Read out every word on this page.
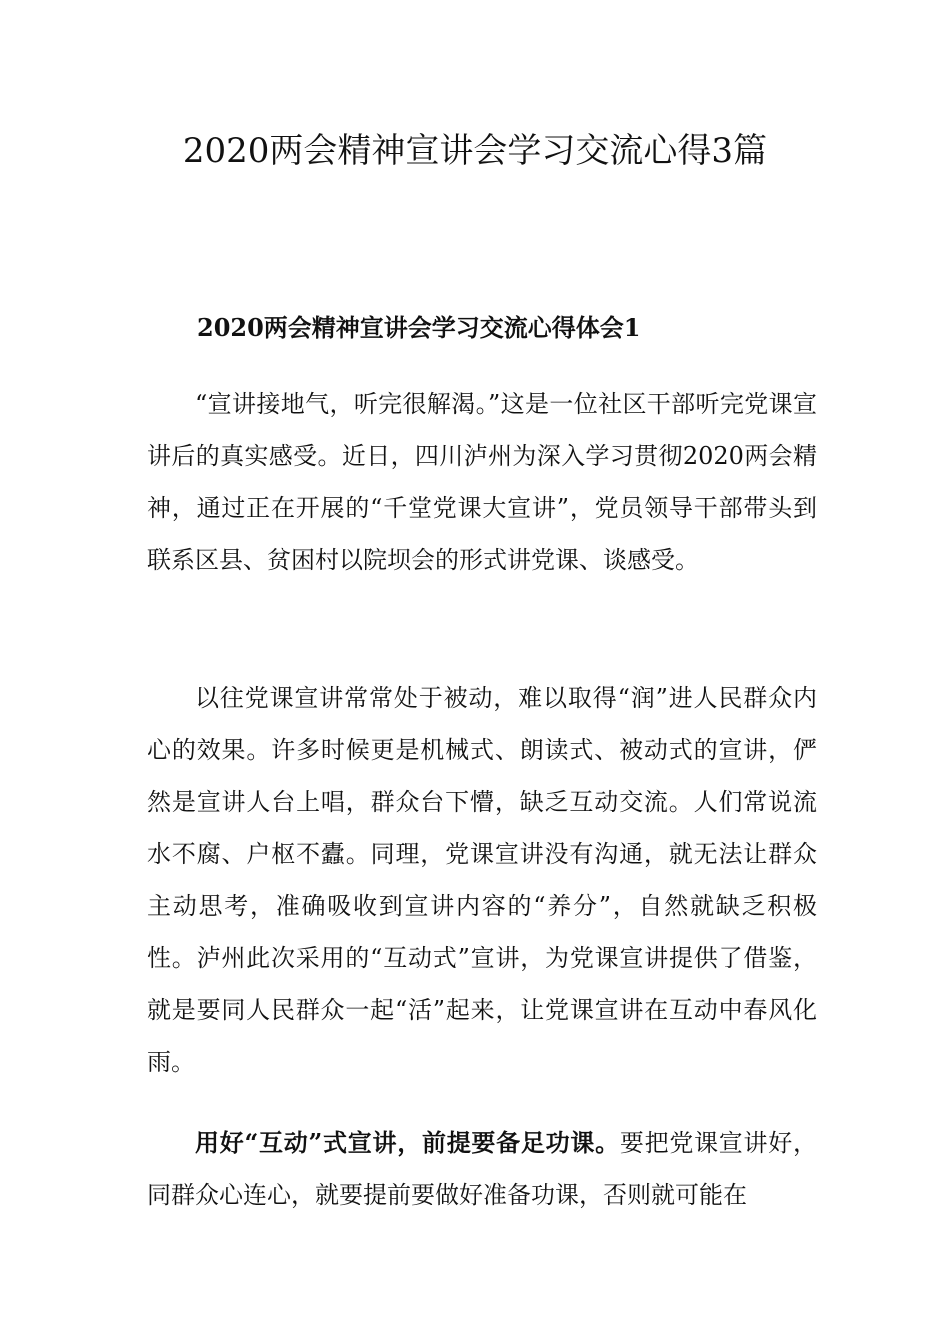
2020两会精神宣讲会学习交流心得3篇
2020两会精神宣讲会学习交流心得体会1

“宣讲接地气，听完很解渴。”这是一位社区干部听完党课宣讲后的真实感受。近日，四川泸州为深入学习贯彻2020两会精神，通过正在开展的“千堂党课大宣讲”，党员领导干部带头到联系区县、贫困村以院坝会的形式讲党课、谈感受。

以往党课宣讲常常处于被动，难以取得“润”进人民群众内心的效果。许多时候更是机械式、朗读式、被动式的宣讲，俨然是宣讲人台上唱，群众台下懵，缺乏互动交流。人们常说流水不腐、户枢不蠹。同理，党课宣讲没有沟通，就无法让群众主动思考，准确吸收到宣讲内容的“养分”，自然就缺乏积极性。泸州此次采用的“互动式”宣讲，为党课宣讲提供了借鉴，就是要同人民群众一起“活”起来，让党课宣讲在互动中春风化雨。

用好“互动”式宣讲，前提要备足功课。要把党课宣讲好，同群众心连心，就要提前要做好准备功课，否则就可能在
